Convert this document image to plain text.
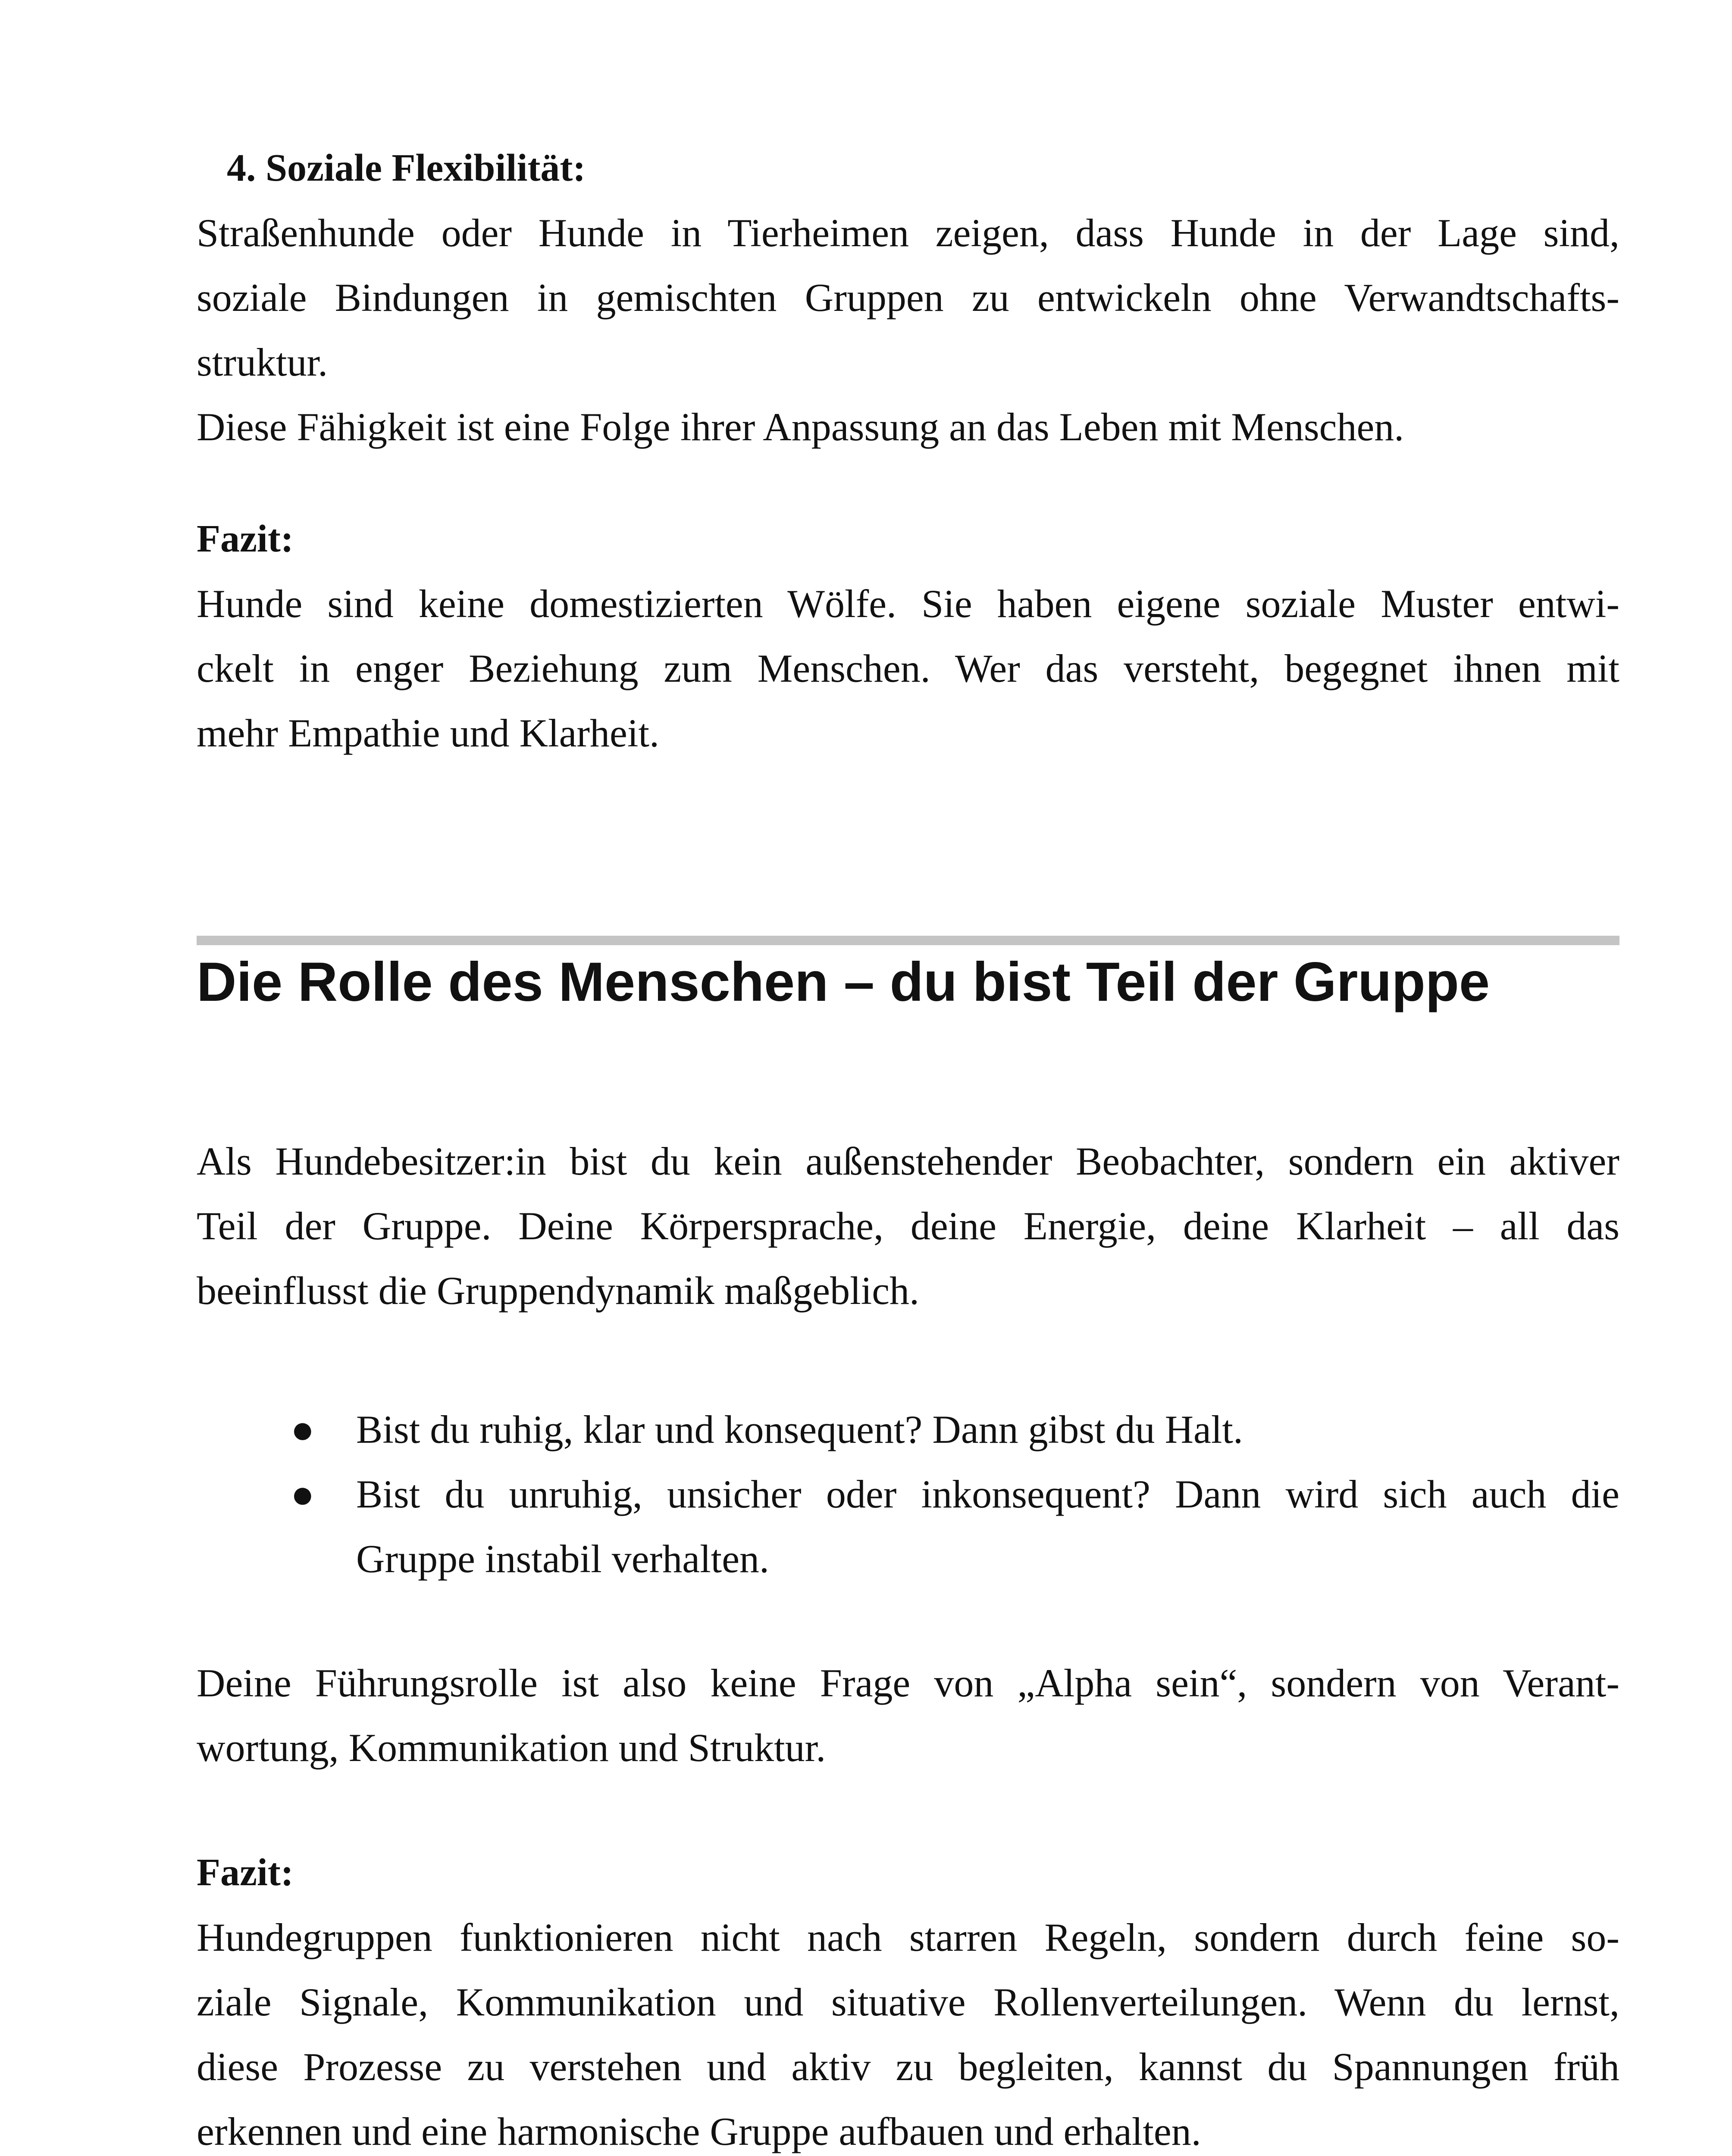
4. Soziale Flexibilität:

Straßenhunde oder Hunde in Tierheimen zeigen, dass Hunde in der Lage sind,
soziale Bindungen in gemischten Gruppen zu entwickeln ohne Verwandtschafts-
struktur.
Diese Fähigkeit ist eine Folge ihrer Anpassung an das Leben mit Menschen.

Fazit:

Hunde sind keine domestizierten Wölfe. Sie haben eigene soziale Muster entwi-
ckelt in enger Beziehung zum Menschen. Wer das versteht, begegnet ihnen mit
mehr Empathie und Klarheit.
Die Rolle des Menschen – du bist Teil der Gruppe
Als Hundebesitzer:in bist du kein außenstehender Beobachter, sondern ein aktiver
Teil der Gruppe. Deine Körpersprache, deine Energie, deine Klarheit – all das
beeinflusst die Gruppendynamik maßgeblich.
● Bist du ruhig, klar und konsequent? Dann gibst du Halt.
● Bist du unruhig, unsicher oder inkonsequent? Dann wird sich auch die
Gruppe instabil verhalten.
Deine Führungsrolle ist also keine Frage von „Alpha sein“, sondern von Verant-
wortung, Kommunikation und Struktur.

Fazit:

Hundegruppen funktionieren nicht nach starren Regeln, sondern durch feine so-
ziale Signale, Kommunikation und situative Rollenverteilungen. Wenn du lernst,
diese Prozesse zu verstehen und aktiv zu begleiten, kannst du Spannungen früh
erkennen und eine harmonische Gruppe aufbauen und erhalten.
